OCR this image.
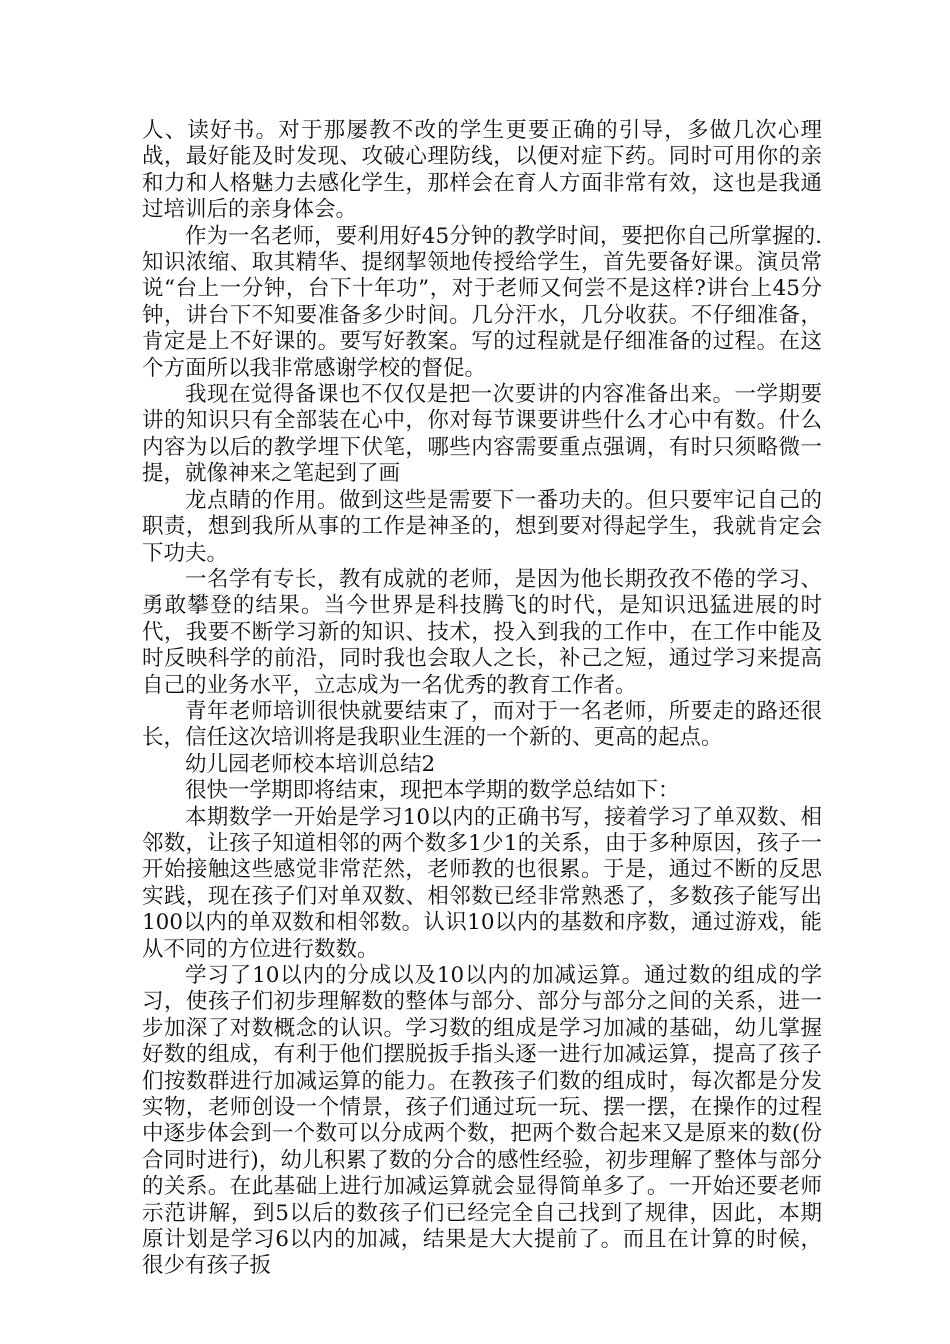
人、读好书。对于那屡教不改的学生更要正确的引导，多做几次心理战，最好能及时发现、攻破心理防线，以便对症下药。同时可用你的亲和力和人格魅力去感化学生，那样会在育人方面非常有效，这也是我通过培训后的亲身体会。

作为一名老师，要利用好45分钟的教学时间，要把你自己所掌握的.知识浓缩、取其精华、提纲挈领地传授给学生，首先要备好课。演员常说“台上一分钟，台下十年功”，对于老师又何尝不是这样?讲台上45分钟，讲台下不知要准备多少时间。几分汗水，几分收获。不仔细准备，肯定是上不好课的。要写好教案。写的过程就是仔细准备的过程。在这个方面所以我非常感谢学校的督促。

我现在觉得备课也不仅仅是把一次要讲的内容准备出来。一学期要讲的知识只有全部装在心中，你对每节课要讲些什么才心中有数。什么内容为以后的教学埋下伏笔，哪些内容需要重点强调，有时只须略微一提，就像神来之笔起到了画

龙点睛的作用。做到这些是需要下一番功夫的。但只要牢记自己的职责，想到我所从事的工作是神圣的，想到要对得起学生，我就肯定会下功夫。

一名学有专长，教有成就的老师，是因为他长期孜孜不倦的学习、勇敢攀登的结果。当今世界是科技腾飞的时代，是知识迅猛进展的时代，我要不断学习新的知识、技术，投入到我的工作中，在工作中能及时反映科学的前沿，同时我也会取人之长，补己之短，通过学习来提高自己的业务水平，立志成为一名优秀的教育工作者。

青年老师培训很快就要结束了，而对于一名老师，所要走的路还很长，信任这次培训将是我职业生涯的一个新的、更高的起点。

幼儿园老师校本培训总结2

很快一学期即将结束，现把本学期的数学总结如下：

本期数学一开始是学习10以内的正确书写，接着学习了单双数、相邻数，让孩子知道相邻的两个数多1少1的关系，由于多种原因，孩子一开始接触这些感觉非常茫然，老师教的也很累。于是，通过不断的反思实践，现在孩子们对单双数、相邻数已经非常熟悉了，多数孩子能写出100以内的单双数和相邻数。认识10以内的基数和序数，通过游戏，能从不同的方位进行数数。

学习了10以内的分成以及10以内的加减运算。通过数的组成的学习，使孩子们初步理解数的整体与部分、部分与部分之间的关系，进一步加深了对数概念的认识。学习数的组成是学习加减的基础，幼儿掌握好数的组成，有利于他们摆脱扳手指头逐一进行加减运算，提高了孩子们按数群进行加减运算的能力。在教孩子们数的组成时，每次都是分发实物，老师创设一个情景，孩子们通过玩一玩、摆一摆，在操作的过程中逐步体会到一个数可以分成两个数，把两个数合起来又是原来的数(份合同时进行)，幼儿积累了数的分合的感性经验，初步理解了整体与部分的关系。在此基础上进行加减运算就会显得简单多了。一开始还要老师示范讲解，到5以后的数孩子们已经完全自己找到了规律，因此，本期原计划是学习6以内的加减，结果是大大提前了。而且在计算的时候，很少有孩子扳
